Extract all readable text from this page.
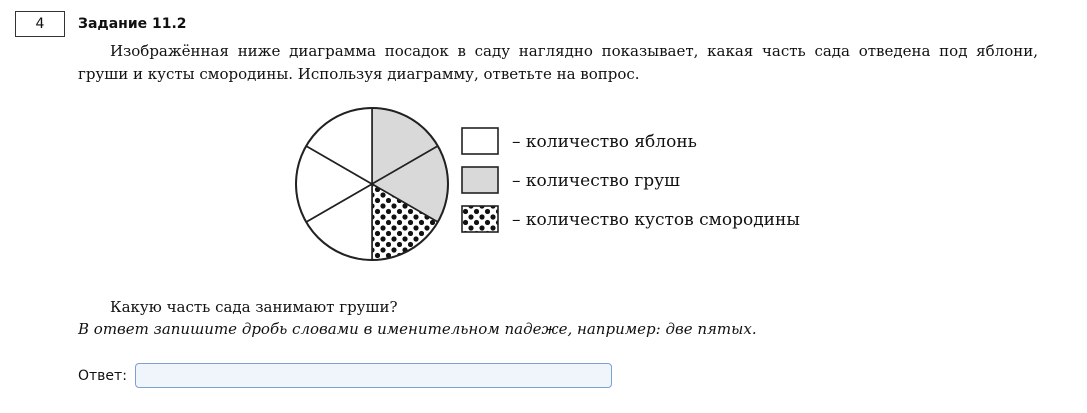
4	Задание 11.2
Изображённая ниже диаграмма посадок в саду наглядно показывает, какая часть сада отведена под яблони, груши и кусты смородины. Используя диаграмму, ответьте на вопрос.
– количество яблонь
– количество груш
– количество кустов смородины
Какую часть сада занимают груши?
В ответ запишите дробь словами в именительном падеже, например: две пятых.
Ответ:
